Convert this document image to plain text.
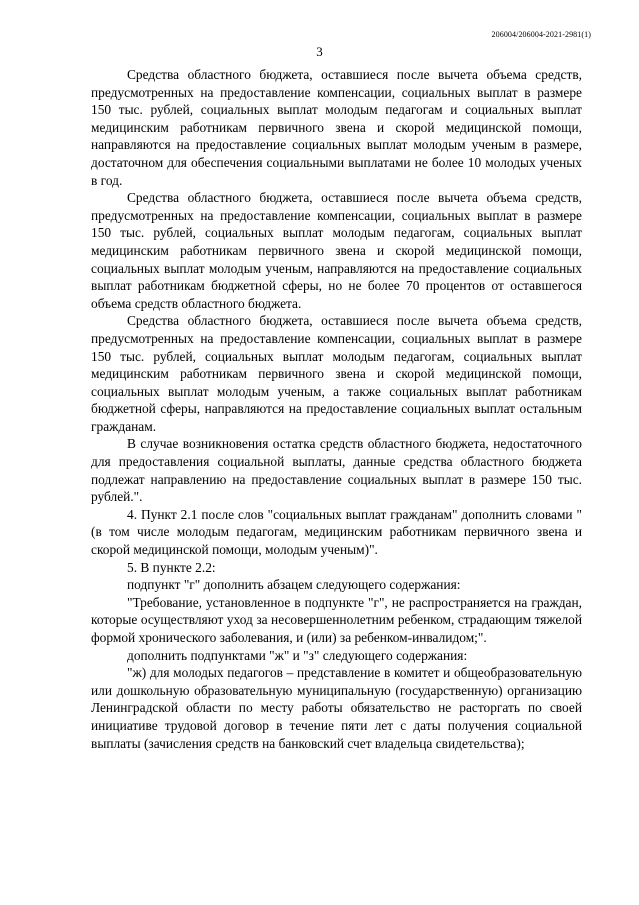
206004/206004-2021-2981(1)
3

Средства областного бюджета, оставшиеся после вычета объема средств, предусмотренных на предоставление компенсации, социальных выплат в размере 150 тыс. рублей, социальных выплат молодым педагогам и социальных выплат медицинским работникам первичного звена и скорой медицинской помощи, направляются на предоставление социальных выплат молодым ученым в размере, достаточном для обеспечения социальными выплатами не более 10 молодых ученых в год.

Средства областного бюджета, оставшиеся после вычета объема средств, предусмотренных на предоставление компенсации, социальных выплат в размере 150 тыс. рублей, социальных выплат молодым педагогам, социальных выплат медицинским работникам первичного звена и скорой медицинской помощи, социальных выплат молодым ученым, направляются на предоставление социальных выплат работникам бюджетной сферы, но не более 70 процентов от оставшегося объема средств областного бюджета.

Средства областного бюджета, оставшиеся после вычета объема средств, предусмотренных на предоставление компенсации, социальных выплат в размере 150 тыс. рублей, социальных выплат молодым педагогам, социальных выплат медицинским работникам первичного звена и скорой медицинской помощи, социальных выплат молодым ученым, а также социальных выплат работникам бюджетной сферы, направляются на предоставление социальных выплат остальным гражданам.

В случае возникновения остатка средств областного бюджета, недостаточного для предоставления социальной выплаты, данные средства областного бюджета подлежат направлению на предоставление социальных выплат в размере 150 тыс. рублей.".

4. Пункт 2.1 после слов "социальных выплат гражданам" дополнить словами "(в том числе молодым педагогам, медицинским работникам первичного звена и скорой медицинской помощи, молодым ученым)".

5. В пункте 2.2:

подпункт "г" дополнить абзацем следующего содержания:

"Требование, установленное в подпункте "г", не распространяется на граждан, которые осуществляют уход за несовершеннолетним ребенком, страдающим тяжелой формой хронического заболевания, и (или) за ребенком-инвалидом;".

дополнить подпунктами "ж" и "з" следующего содержания:

"ж) для молодых педагогов – представление в комитет и общеобразовательную или дошкольную образовательную муниципальную (государственную) организацию Ленинградской области по месту работы обязательство не расторгать по своей инициативе трудовой договор в течение пяти лет с даты получения социальной выплаты (зачисления средств на банковский счет владельца свидетельства);
